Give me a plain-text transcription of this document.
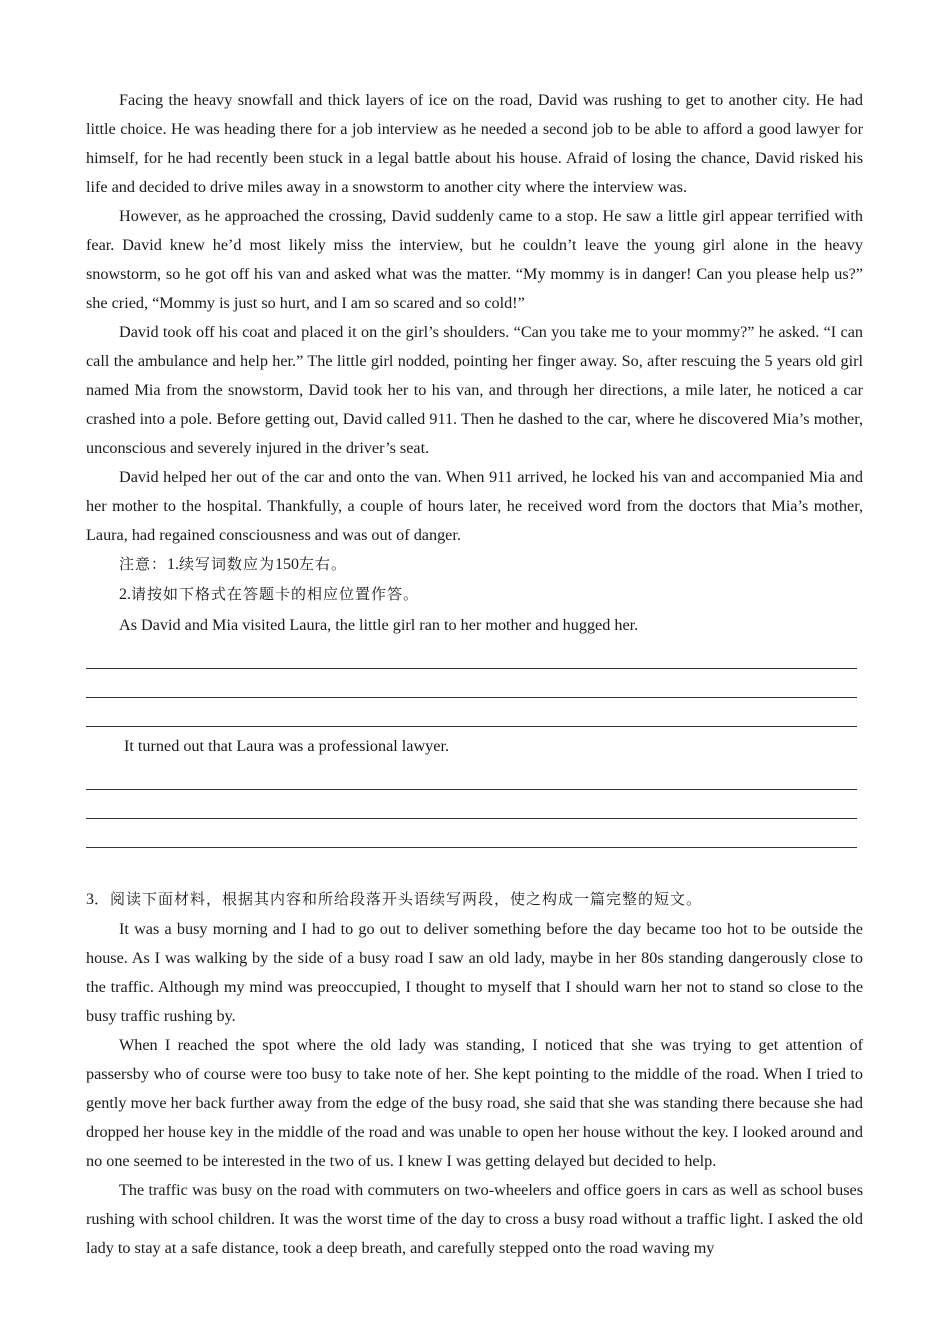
Facing the heavy snowfall and thick layers of ice on the road, David was rushing to get to another city. He had little choice. He was heading there for a job interview as he needed a second job to be able to afford a good lawyer for himself, for he had recently been stuck in a legal battle about his house. Afraid of losing the chance, David risked his life and decided to drive miles away in a snowstorm to another city where the interview was.

However, as he approached the crossing, David suddenly came to a stop. He saw a little girl appear terrified with fear. David knew he’d most likely miss the interview, but he couldn’t leave the young girl alone in the heavy snowstorm, so he got off his van and asked what was the matter. “My mommy is in danger! Can you please help us?” she cried, “Mommy is just so hurt, and I am so scared and so cold!”

David took off his coat and placed it on the girl’s shoulders. “Can you take me to your mommy?” he asked. “I can call the ambulance and help her.” The little girl nodded, pointing her finger away. So, after rescuing the 5 years old girl named Mia from the snowstorm, David took her to his van, and through her directions, a mile later, he noticed a car crashed into a pole. Before getting out, David called 911. Then he dashed to the car, where he discovered Mia’s mother, unconscious and severely injured in the driver’s seat.

David helped her out of the car and onto the van. When 911 arrived, he locked his van and accompanied Mia and her mother to the hospital. Thankfully, a couple of hours later, he received word from the doctors that Mia’s mother, Laura, had regained consciousness and was out of danger.

注意：1.续写词数应为150左右。

2.请按如下格式在答题卡的相应位置作答。

As David and Mia visited Laura, the little girl ran to her mother and hugged her.

It turned out that Laura was a professional lawyer.

3．阅读下面材料，根据其内容和所给段落开头语续写两段，使之构成一篇完整的短文。

It was a busy morning and I had to go out to deliver something before the day became too hot to be outside the house. As I was walking by the side of a busy road I saw an old lady, maybe in her 80s standing dangerously close to the traffic. Although my mind was preoccupied, I thought to myself that I should warn her not to stand so close to the busy traffic rushing by.

When I reached the spot where the old lady was standing, I noticed that she was trying to get attention of passersby who of course were too busy to take note of her. She kept pointing to the middle of the road. When I tried to gently move her back further away from the edge of the busy road, she said that she was standing there because she had dropped her house key in the middle of the road and was unable to open her house without the key. I looked around and no one seemed to be interested in the two of us. I knew I was getting delayed but decided to help.

The traffic was busy on the road with commuters on two-wheelers and office goers in cars as well as school buses rushing with school children. It was the worst time of the day to cross a busy road without a traffic light. I asked the old lady to stay at a safe distance, took a deep breath, and carefully stepped onto the road waving my
